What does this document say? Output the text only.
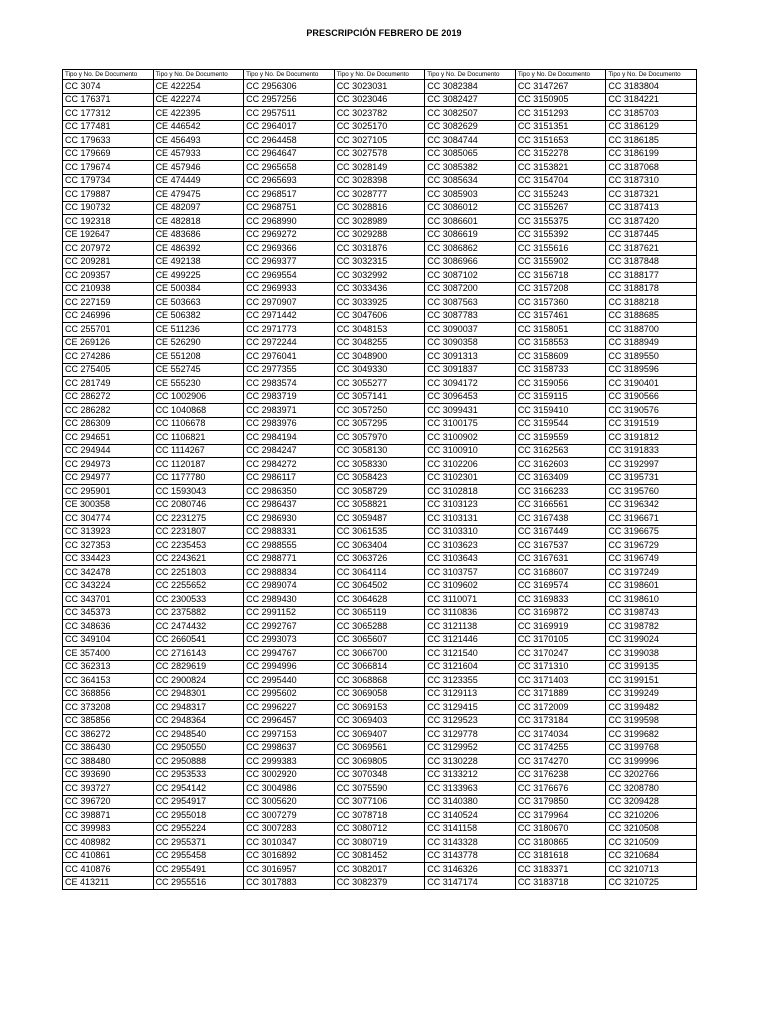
PRESCRIPCIÓN FEBRERO DE 2019
Tipo y No. De Documento	Tipo y No. De Documento	Tipo y No. De Documento	Tipo y No. De Documento	Tipo y No. De Documento	Tipo y No. De Documento	Tipo y No. De Documento
CC 3074	CE 422254	CC 2956306	CC 3023031	CC 3082384	CC 3147267	CC 3183804
CC 176371	CE 422274	CC 2957256	CC 3023046	CC 3082427	CC 3150905	CC 3184221
CC 177312	CE 422395	CC 2957511	CC 3023782	CC 3082507	CC 3151293	CC 3185703
CC 177481	CE 446542	CC 2964017	CC 3025170	CC 3082629	CC 3151351	CC 3186129
CC 179633	CE 456493	CC 2964458	CC 3027105	CC 3084744	CC 3151653	CC 3186185
CC 179669	CE 457933	CC 2964647	CC 3027578	CC 3085065	CC 3152278	CC 3186199
CC 179674	CE 457946	CC 2965658	CC 3028149	CC 3085382	CC 3153821	CC 3187068
CC 179734	CE 474449	CC 2965693	CC 3028398	CC 3085634	CC 3154704	CC 3187310
CC 179887	CE 479475	CC 2968517	CC 3028777	CC 3085903	CC 3155243	CC 3187321
CC 190732	CE 482097	CC 2968751	CC 3028816	CC 3086012	CC 3155267	CC 3187413
CC 192318	CE 482818	CC 2968990	CC 3028989	CC 3086601	CC 3155375	CC 3187420
CE 192647	CE 483686	CC 2969272	CC 3029288	CC 3086619	CC 3155392	CC 3187445
CC 207972	CE 486392	CC 2969366	CC 3031876	CC 3086862	CC 3155616	CC 3187621
CC 209281	CE 492138	CC 2969377	CC 3032315	CC 3086966	CC 3155902	CC 3187848
CC 209357	CE 499225	CC 2969554	CC 3032992	CC 3087102	CC 3156718	CC 3188177
CC 210938	CE 500384	CC 2969933	CC 3033436	CC 3087200	CC 3157208	CC 3188178
CC 227159	CE 503663	CC 2970907	CC 3033925	CC 3087563	CC 3157360	CC 3188218
CC 246996	CE 506382	CC 2971442	CC 3047606	CC 3087783	CC 3157461	CC 3188685
CC 255701	CE 511236	CC 2971773	CC 3048153	CC 3090037	CC 3158051	CC 3188700
CE 269126	CE 526290	CC 2972244	CC 3048255	CC 3090358	CC 3158553	CC 3188949
CC 274286	CE 551208	CC 2976041	CC 3048900	CC 3091313	CC 3158609	CC 3189550
CC 275405	CE 552745	CC 2977355	CC 3049330	CC 3091837	CC 3158733	CC 3189596
CC 281749	CE 555230	CC 2983574	CC 3055277	CC 3094172	CC 3159056	CC 3190401
CC 286272	CC 1002906	CC 2983719	CC 3057141	CC 3096453	CC 3159115	CC 3190566
CC 286282	CC 1040868	CC 2983971	CC 3057250	CC 3099431	CC 3159410	CC 3190576
CC 286309	CC 1106678	CC 2983976	CC 3057295	CC 3100175	CC 3159544	CC 3191519
CC 294651	CC 1106821	CC 2984194	CC 3057970	CC 3100902	CC 3159559	CC 3191812
CC 294944	CC 1114267	CC 2984247	CC 3058130	CC 3100910	CC 3162563	CC 3191833
CC 294973	CC 1120187	CC 2984272	CC 3058330	CC 3102206	CC 3162603	CC 3192997
CC 294977	CC 1177780	CC 2986117	CC 3058423	CC 3102301	CC 3163409	CC 3195731
CC 295901	CC 1593043	CC 2986350	CC 3058729	CC 3102818	CC 3166233	CC 3195760
CE 300358	CC 2080746	CC 2986437	CC 3058821	CC 3103123	CC 3166561	CC 3196342
CC 304774	CC 2231275	CC 2986930	CC 3059487	CC 3103131	CC 3167438	CC 3196671
CC 313923	CC 2231807	CC 2988331	CC 3061535	CC 3103310	CC 3167449	CC 3196675
CC 327353	CC 2235453	CC 2988555	CC 3063404	CC 3103623	CC 3167537	CC 3196729
CC 334423	CC 2243621	CC 2988771	CC 3063726	CC 3103643	CC 3167631	CC 3196749
CC 342478	CC 2251803	CC 2988834	CC 3064114	CC 3103757	CC 3168607	CC 3197249
CC 343224	CC 2255652	CC 2989074	CC 3064502	CC 3109602	CC 3169574	CC 3198601
CC 343701	CC 2300533	CC 2989430	CC 3064628	CC 3110071	CC 3169833	CC 3198610
CC 345373	CC 2375882	CC 2991152	CC 3065119	CC 3110836	CC 3169872	CC 3198743
CC 348636	CC 2474432	CC 2992767	CC 3065288	CC 3121138	CC 3169919	CC 3198782
CC 349104	CC 2660541	CC 2993073	CC 3065607	CC 3121446	CC 3170105	CC 3199024
CE 357400	CC 2716143	CC 2994767	CC 3066700	CC 3121540	CC 3170247	CC 3199038
CC 362313	CC 2829619	CC 2994996	CC 3066814	CC 3121604	CC 3171310	CC 3199135
CC 364153	CC 2900824	CC 2995440	CC 3068868	CC 3123355	CC 3171403	CC 3199151
CC 368856	CC 2948301	CC 2995602	CC 3069058	CC 3129113	CC 3171889	CC 3199249
CC 373208	CC 2948317	CC 2996227	CC 3069153	CC 3129415	CC 3172009	CC 3199482
CC 385856	CC 2948364	CC 2996457	CC 3069403	CC 3129523	CC 3173184	CC 3199598
CC 386272	CC 2948540	CC 2997153	CC 3069407	CC 3129778	CC 3174034	CC 3199682
CC 386430	CC 2950550	CC 2998637	CC 3069561	CC 3129952	CC 3174255	CC 3199768
CC 388480	CC 2950888	CC 2999383	CC 3069805	CC 3130228	CC 3174270	CC 3199996
CC 393690	CC 2953533	CC 3002920	CC 3070348	CC 3133212	CC 3176238	CC 3202766
CC 393727	CC 2954142	CC 3004986	CC 3075590	CC 3133963	CC 3176676	CC 3208780
CC 396720	CC 2954917	CC 3005620	CC 3077106	CC 3140380	CC 3179850	CC 3209428
CC 398871	CC 2955018	CC 3007279	CC 3078718	CC 3140524	CC 3179964	CC 3210206
CC 399983	CC 2955224	CC 3007283	CC 3080712	CC 3141158	CC 3180670	CC 3210508
CC 408982	CC 2955371	CC 3010347	CC 3080719	CC 3143328	CC 3180865	CC 3210509
CC 410861	CC 2955458	CC 3016892	CC 3081452	CC 3143778	CC 3181618	CC 3210684
CC 410876	CC 2955491	CC 3016957	CC 3082017	CC 3146326	CC 3183371	CC 3210713
CE 413211	CC 2955516	CC 3017883	CC 3082379	CC 3147174	CC 3183718	CC 3210725
